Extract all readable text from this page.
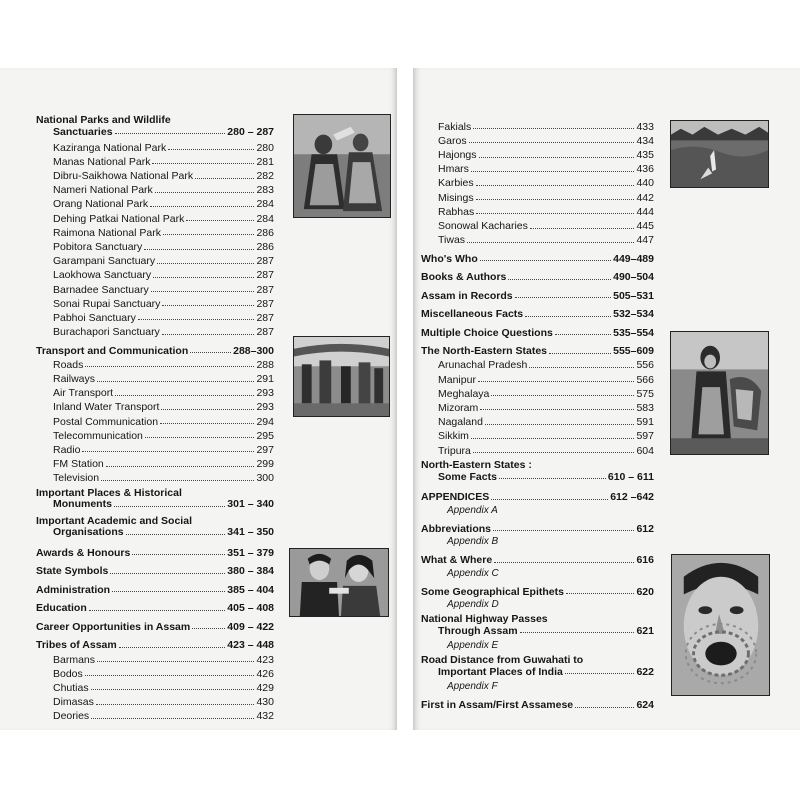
National Parks and Wildlife
Sanctuaries	280 – 287
Kaziranga National Park	280
Manas National Park	281
Dibru-Saikhowa National Park	282
Nameri National Park	283
Orang National Park	284
Dehing Patkai National Park	284
Raimona National Park	286
Pobitora Sanctuary	286
Garampani Sanctuary	287
Laokhowa Sanctuary	287
Barnadee Sanctuary	287
Sonai Rupai Sanctuary	287
Pabhoi Sanctuary	287
Burachapori Sanctuary	287
Transport and Communication	288–300
Roads	288
Railways	291
Air Transport	293
Inland Water Transport	293
Postal Communication	294
Telecommunication	295
Radio	297
FM Station	299
Television	300
Important Places & Historical
Monuments	301 – 340
Important Academic and Social
Organisations	341 – 350
Awards & Honours	351 – 379
State Symbols	380 – 384
Administration	385 – 404
Education	405 – 408
Career Opportunities in Assam	409 – 422
Tribes of Assam	423 – 448
Barmans	423
Bodos	426
Chutias	429
Dimasas	430
Deories	432
Fakials	433
Garos	434
Hajongs	435
Hmars	436
Karbies	440
Misings	442
Rabhas	444
Sonowal Kacharies	445
Tiwas	447
Who's Who	449–489
Books & Authors	490–504
Assam in Records	505–531
Miscellaneous Facts	532–534
Multiple Choice Questions	535–554
The North-Eastern States	555–609
Arunachal Pradesh	556
Manipur	566
Meghalaya	575
Mizoram	583
Nagaland	591
Sikkim	597
Tripura	604
North-Eastern States :
Some Facts	610 – 611
APPENDICES	612 –642
Appendix A
Abbreviations	612
Appendix B
What & Where	616
Appendix C
Some Geographical Epithets	620
Appendix D
National Highway Passes
Through Assam	621
Appendix E
Road Distance from Guwahati to
Important Places of India	622
Appendix F
First in Assam/First Assamese	624
